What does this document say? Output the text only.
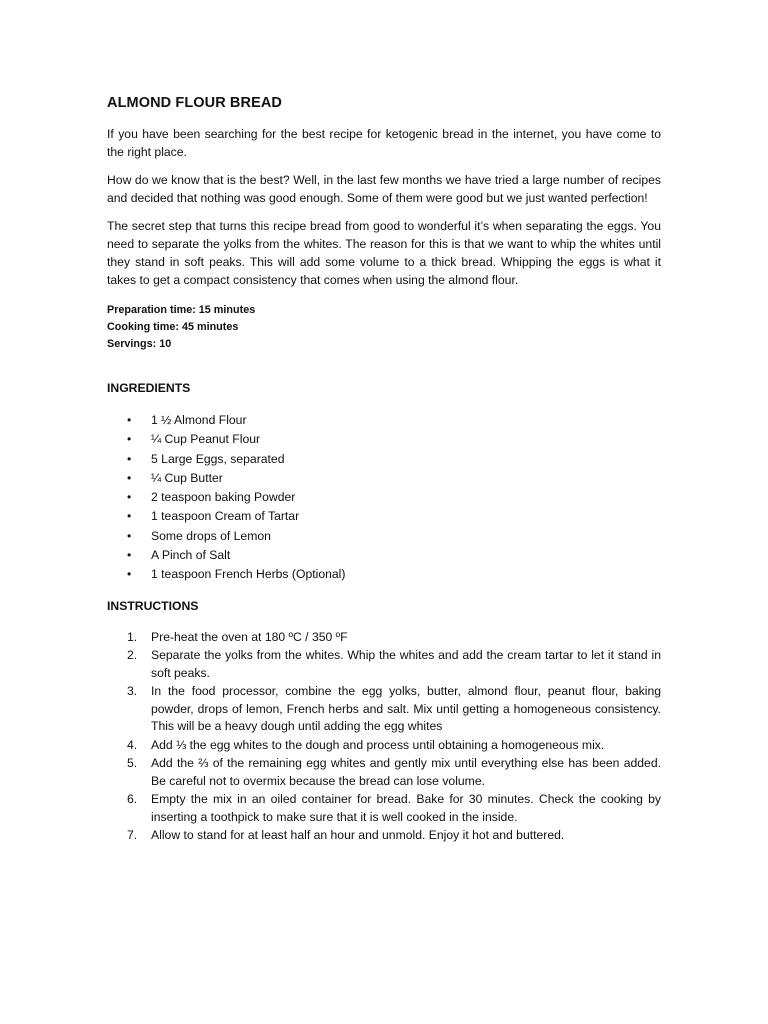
ALMOND FLOUR BREAD

If you have been searching for the best recipe for ketogenic bread in the internet, you have come to the right place.

How do we know that is the best? Well, in the last few months we have tried a large number of recipes and decided that nothing was good enough. Some of them were good but we just wanted perfection!

The secret step that turns this recipe bread from good to wonderful it’s when separating the eggs. You need to separate the yolks from the whites. The reason for this is that we want to whip the whites until they stand in soft peaks. This will add some volume to a thick bread. Whipping the eggs is what it takes to get a compact consistency that comes when using the almond flour.

Preparation time: 15 minutes

Cooking time: 45 minutes

Servings: 10

INGREDIENTS
• 1 ½ Almond Flour
• ¼ Cup Peanut Flour
• 5 Large Eggs, separated
• ¼ Cup Butter
• 2 teaspoon baking Powder
• 1 teaspoon Cream of Tartar
• Some drops of Lemon
• A Pinch of Salt
• 1 teaspoon French Herbs (Optional)
INSTRUCTIONS
1. Pre-heat the oven at 180 ºC / 350 ºF
2. Separate the yolks from the whites. Whip the whites and add the cream tartar to let it stand in soft peaks.
3. In the food processor, combine the egg yolks, butter, almond flour, peanut flour, baking powder, drops of lemon, French herbs and salt. Mix until getting a homogeneous consistency. This will be a heavy dough until adding the egg whites
4. Add ⅓ the egg whites to the dough and process until obtaining a homogeneous mix.
5. Add the ⅔ of the remaining egg whites and gently mix until everything else has been added. Be careful not to overmix because the bread can lose volume.
6. Empty the mix in an oiled container for bread. Bake for 30 minutes. Check the cooking by inserting a toothpick to make sure that it is well cooked in the inside.
7. Allow to stand for at least half an hour and unmold. Enjoy it hot and buttered.
